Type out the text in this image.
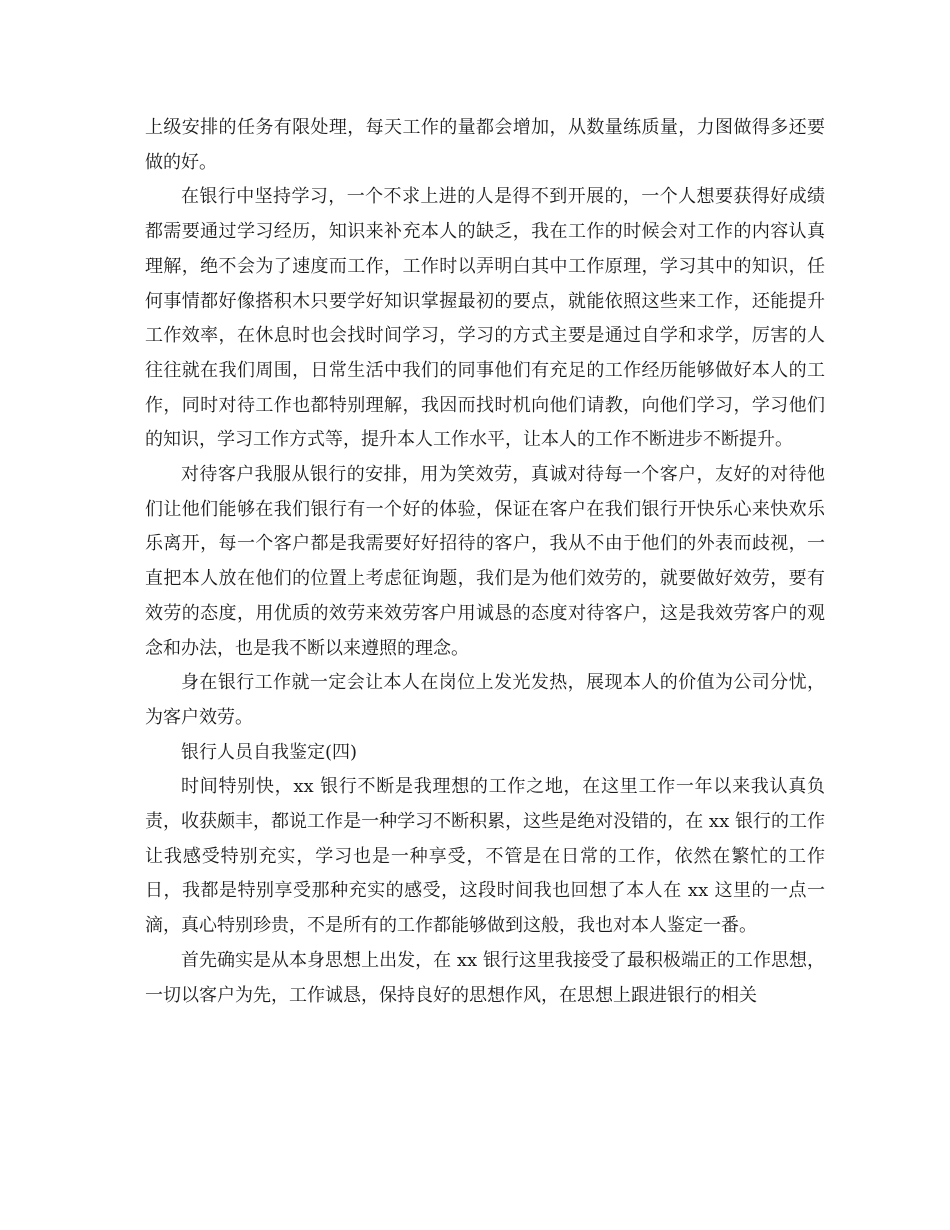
上级安排的任务有限处理，每天工作的量都会增加，从数量练质量，力图做得多还要做的好。

在银行中坚持学习，一个不求上进的人是得不到开展的，一个人想要获得好成绩都需要通过学习经历，知识来补充本人的缺乏，我在工作的时候会对工作的内容认真理解，绝不会为了速度而工作，工作时以弄明白其中工作原理，学习其中的知识，任何事情都好像搭积木只要学好知识掌握最初的要点，就能依照这些来工作，还能提升工作效率，在休息时也会找时间学习，学习的方式主要是通过自学和求学，厉害的人往往就在我们周围，日常生活中我们的同事他们有充足的工作经历能够做好本人的工作，同时对待工作也都特别理解，我因而找时机向他们请教，向他们学习，学习他们的知识，学习工作方式等，提升本人工作水平，让本人的工作不断进步不断提升。

对待客户我服从银行的安排，用为笑效劳，真诚对待每一个客户，友好的对待他们让他们能够在我们银行有一个好的体验，保证在客户在我们银行开快乐心来快欢乐乐离开，每一个客户都是我需要好好招待的客户，我从不由于他们的外表而歧视，一直把本人放在他们的位置上考虑征询题，我们是为他们效劳的，就要做好效劳，要有效劳的态度，用优质的效劳来效劳客户用诚恳的态度对待客户，这是我效劳客户的观念和办法，也是我不断以来遵照的理念。

身在银行工作就一定会让本人在岗位上发光发热，展现本人的价值为公司分忧，为客户效劳。

银行人员自我鉴定(四)

时间特别快，xx 银行不断是我理想的工作之地，在这里工作一年以来我认真负责，收获颇丰，都说工作是一种学习不断积累，这些是绝对没错的，在 xx 银行的工作让我感受特别充实，学习也是一种享受，不管是在日常的工作，依然在繁忙的工作日，我都是特别享受那种充实的感受，这段时间我也回想了本人在 xx 这里的一点一滴，真心特别珍贵，不是所有的工作都能够做到这般，我也对本人鉴定一番。

首先确实是从本身思想上出发，在 xx 银行这里我接受了最积极端正的工作思想，一切以客户为先，工作诚恳，保持良好的思想作风，在思想上跟进银行的相关
